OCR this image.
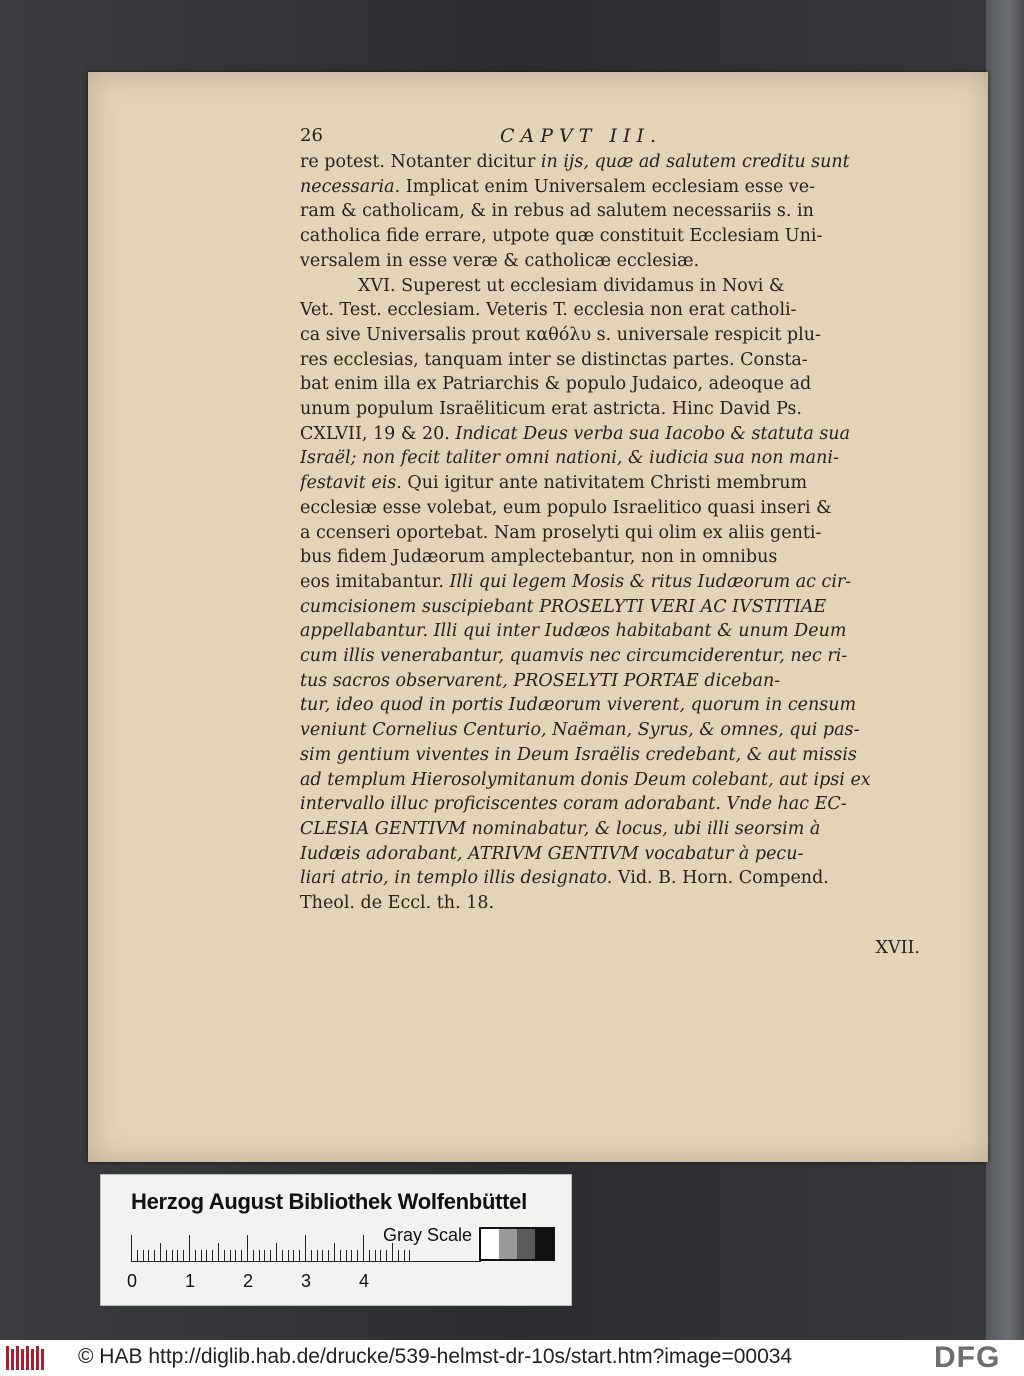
26	CAPVT III.
re potest. Notanter dicitur in ijs, quæ ad salutem creditu sunt
necessaria. Implicat enim Universalem ecclesiam esse ve-
ram & catholicam, & in rebus ad salutem necessariis s. in
catholica fide errare, utpote quæ constituit Ecclesiam Uni-
versalem in esse veræ & catholicæ ecclesiæ.
XVI. Superest ut ecclesiam dividamus in Novi &
Vet. Test. ecclesiam. Veteris T. ecclesia non erat catholi-
ca sive Universalis prout καθόλυ s. universale respicit plu-
res ecclesias, tanquam inter se distinctas partes. Consta-
bat enim illa ex Patriarchis & populo Judaico, adeoque ad
unum populum Israëliticum erat astricta. Hinc David Ps.
CXLVII, 19 & 20. Indicat Deus verba sua Iacobo & statuta sua
Israël; non fecit taliter omni nationi, & iudicia sua non mani-
festavit eis. Qui igitur ante nativitatem Christi membrum
ecclesiæ esse volebat, eum populo Israelitico quasi inseri &
a ccenseri oportebat. Nam proselyti qui olim ex aliis genti-
bus fidem Judæorum amplectebantur, non in omnibus
eos imitabantur. Illi qui legem Mosis & ritus Iudæorum ac cir-
cumcisionem suscipiebant PROSELYTI VERI AC IVSTITIAE
appellabantur. Illi qui inter Iudæos habitabant & unum Deum
cum illis venerabantur, quamvis nec circumciderentur, nec ri-
tus sacros observarent, PROSELYTI PORTAE diceban-
tur, ideo quod in portis Iudæorum viverent, quorum in censum
veniunt Cornelius Centurio, Naëman, Syrus, & omnes, qui pas-
sim gentium viventes in Deum Israëlis credebant, & aut missis
ad templum Hierosolymitanum donis Deum colebant, aut ipsi ex
intervallo illuc proficiscentes coram adorabant. Vnde hac EC-
CLESIA GENTIVM nominabatur, & locus, ubi illi seorsim à
Iudæis adorabant, ATRIVM GENTIVM vocabatur à pecu-
liari atrio, in templo illis designato. Vid. B. Horn. Compend.
Theol. de Eccl. th. 18.
XVII.
Herzog August Bibliothek Wolfenbüttel
0	1	2	3	4
Gray Scale
© HAB http://diglib.hab.de/drucke/539-helmst-dr-10s/start.htm?image=00034	DFG
